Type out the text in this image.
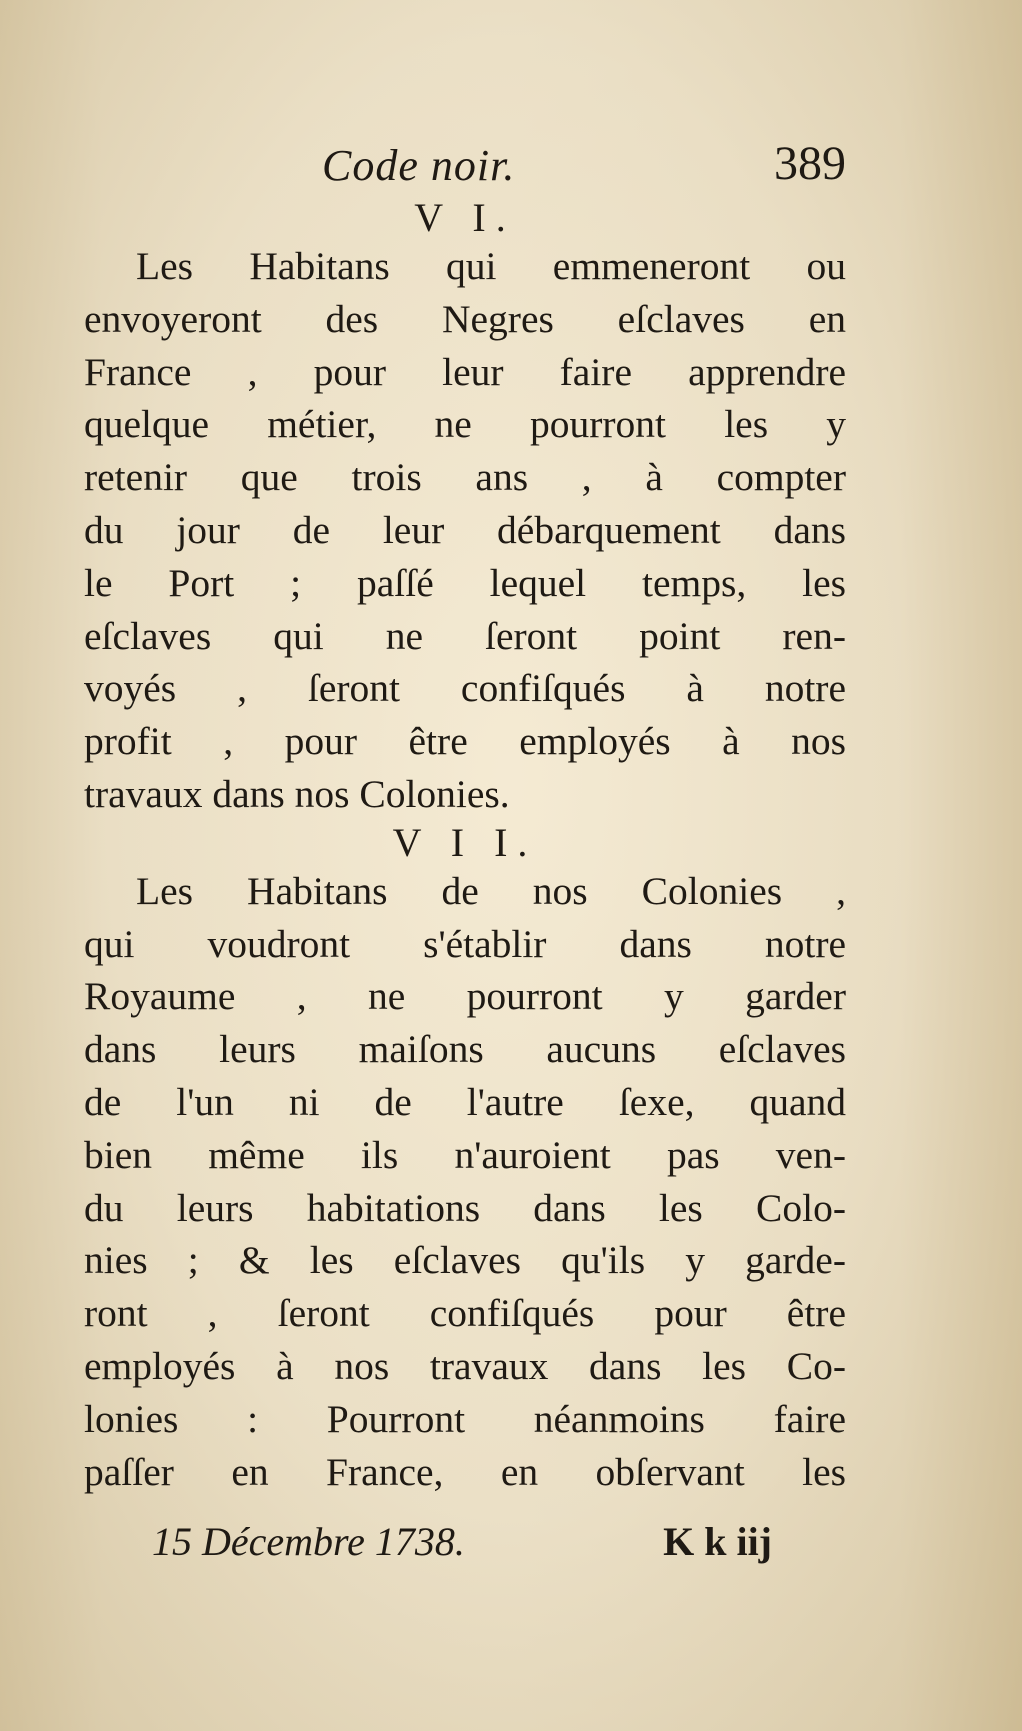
Code noir.	389

V I.

Les Habitans qui emmeneront ou
envoyeront des Negres eſclaves en
France , pour leur faire apprendre
quelque métier, ne pourront les y
retenir que trois ans , à compter
du jour de leur débarquement dans
le Port ; paſſé lequel temps, les
eſclaves qui ne ſeront point ren-
voyés , ſeront confiſqués à notre
profit , pour être employés à nos
travaux dans nos Colonies.

V I I.

Les Habitans de nos Colonies ,
qui voudront s'établir dans notre
Royaume , ne pourront y garder
dans leurs maiſons aucuns eſclaves
de l'un ni de l'autre ſexe, quand
bien même ils n'auroient pas ven-
du leurs habitations dans les Colo-
nies ; & les eſclaves qu'ils y garde-
ront , ſeront confiſqués pour être
employés à nos travaux dans les Co-
lonies : Pourront néanmoins faire
paſſer en France, en obſervant les
15 Décembre 1738.	K k iij
